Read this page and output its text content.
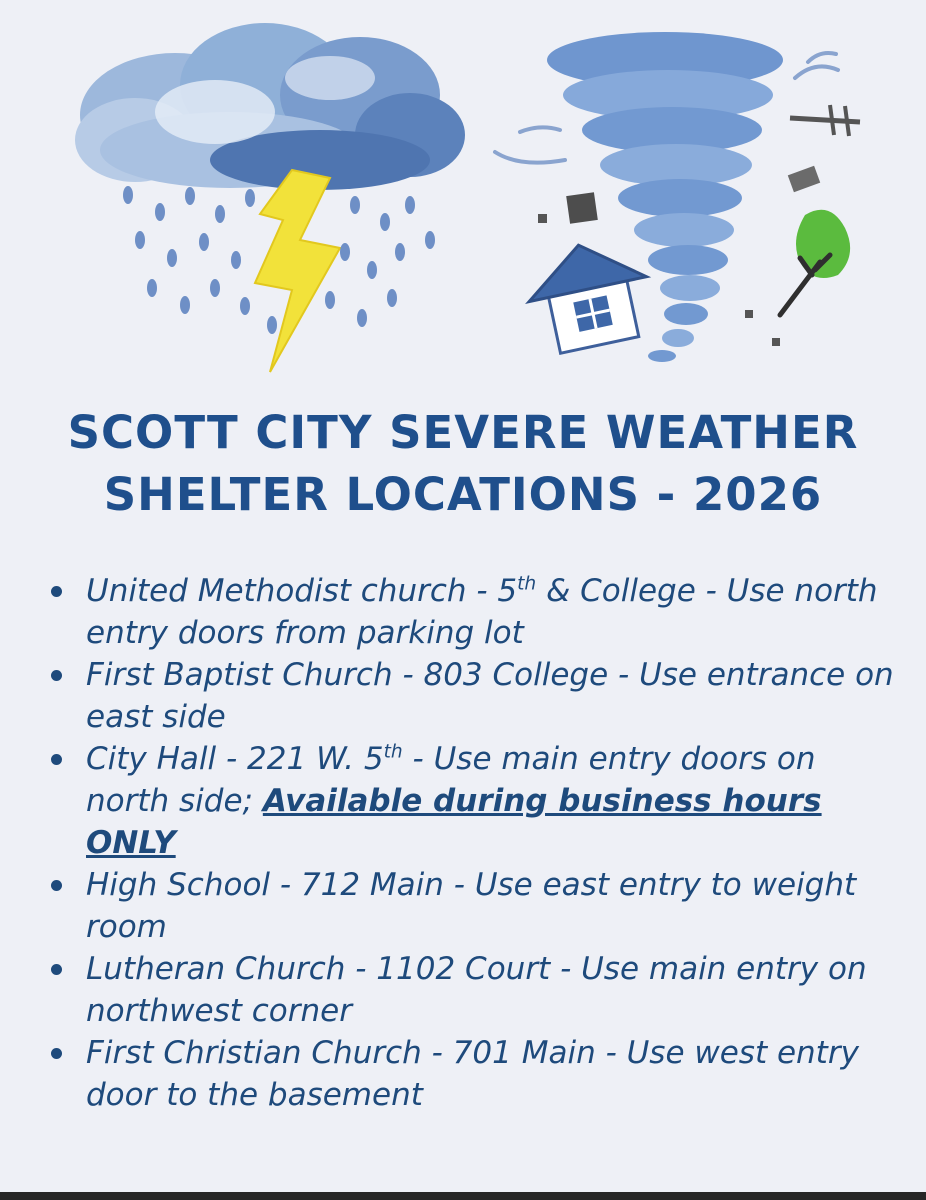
SCOTT CITY SEVERE WEATHER
SHELTER LOCATIONS - 2026
United Methodist church - 5th & College - Use north entry doors from parking lot
First Baptist Church - 803 College - Use entrance on east side
City Hall - 221 W. 5th - Use main entry doors on north side; Available during business hours ONLY
High School - 712 Main - Use east entry to weight room
Lutheran Church - 1102 Court - Use main entry on northwest corner
First Christian Church - 701 Main - Use west entry door to the basement
